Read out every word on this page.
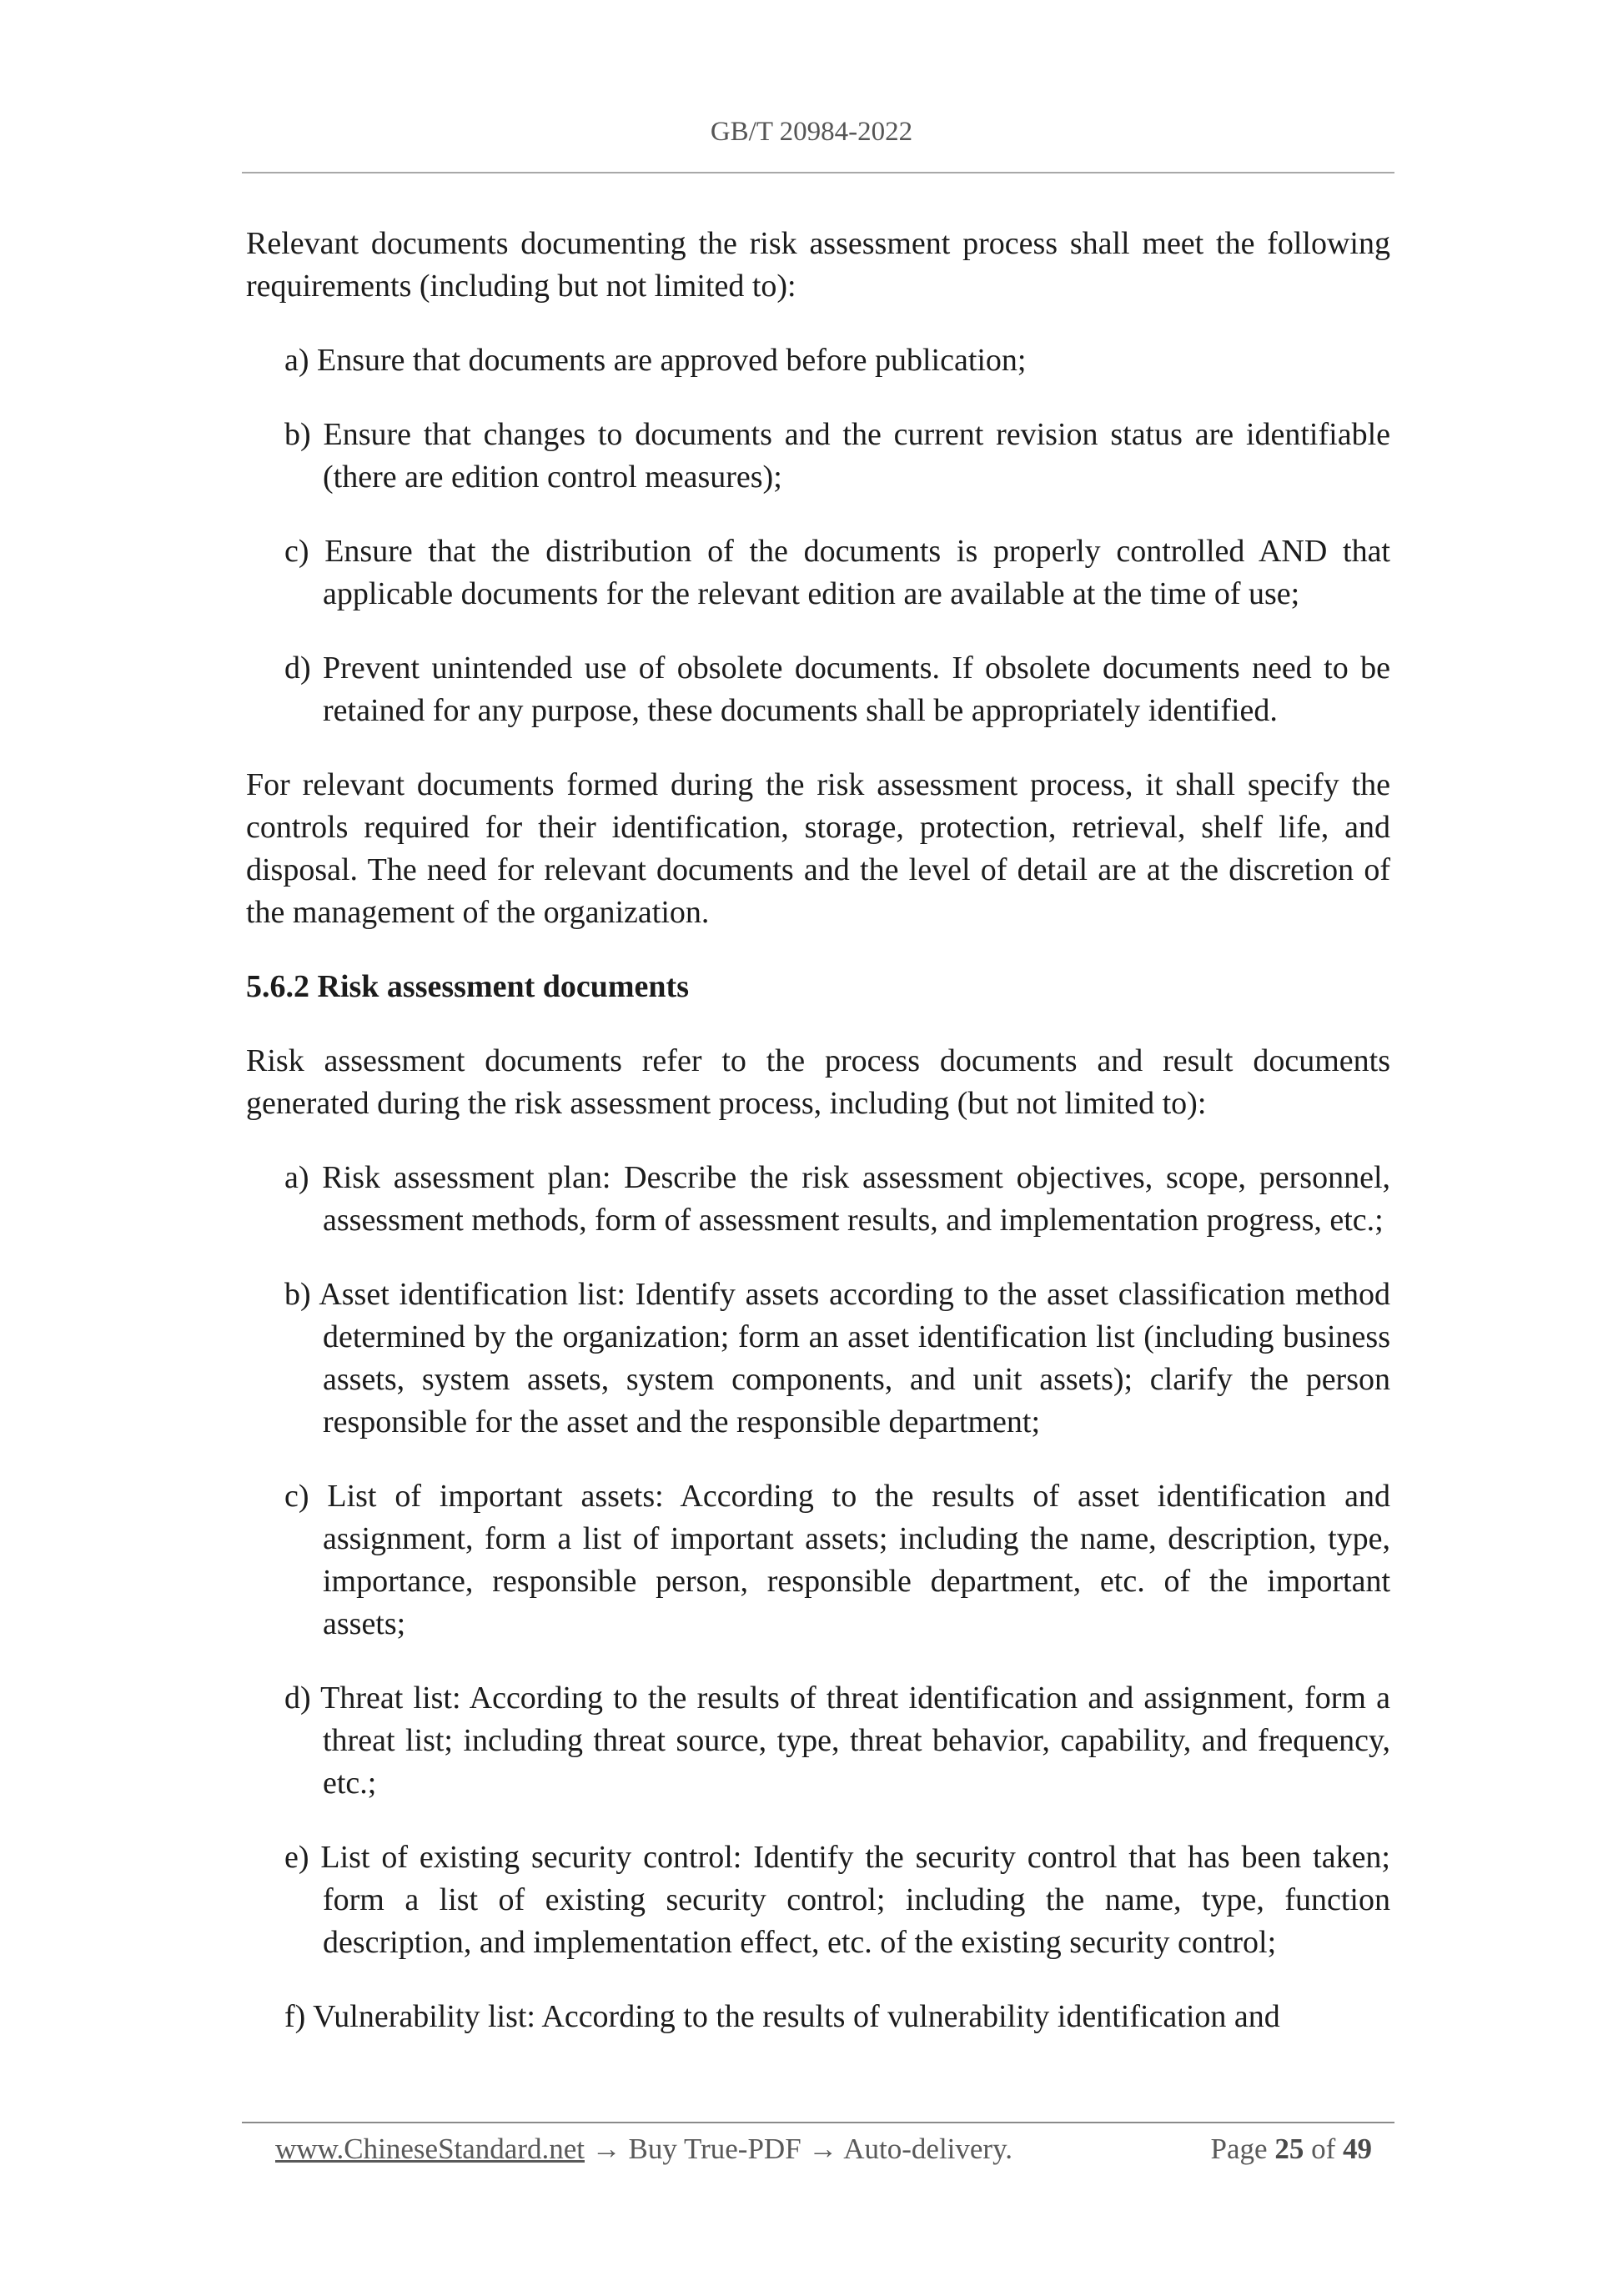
GB/T 20984-2022

Relevant documents documenting the risk assessment process shall meet the following requirements (including but not limited to):

a) Ensure that documents are approved before publication;
b) Ensure that changes to documents and the current revision status are identifiable (there are edition control measures);
c) Ensure that the distribution of the documents is properly controlled AND that applicable documents for the relevant edition are available at the time of use;
d) Prevent unintended use of obsolete documents. If obsolete documents need to be retained for any purpose, these documents shall be appropriately identified.

For relevant documents formed during the risk assessment process, it shall specify the controls required for their identification, storage, protection, retrieval, shelf life, and disposal. The need for relevant documents and the level of detail are at the discretion of the management of the organization.

5.6.2 Risk assessment documents

Risk assessment documents refer to the process documents and result documents generated during the risk assessment process, including (but not limited to):

a) Risk assessment plan: Describe the risk assessment objectives, scope, personnel, assessment methods, form of assessment results, and implementation progress, etc.;
b) Asset identification list: Identify assets according to the asset classification method determined by the organization; form an asset identification list (including business assets, system assets, system components, and unit assets); clarify the person responsible for the asset and the responsible department;
c) List of important assets: According to the results of asset identification and assignment, form a list of important assets; including the name, description, type, importance, responsible person, responsible department, etc. of the important assets;
d) Threat list: According to the results of threat identification and assignment, form a threat list; including threat source, type, threat behavior, capability, and frequency, etc.;
e) List of existing security control: Identify the security control that has been taken; form a list of existing security control; including the name, type, function description, and implementation effect, etc. of the existing security control;
f) Vulnerability list: According to the results of vulnerability identification and
www.ChineseStandard.net → Buy True-PDF → Auto-delivery.	Page 25 of 49
